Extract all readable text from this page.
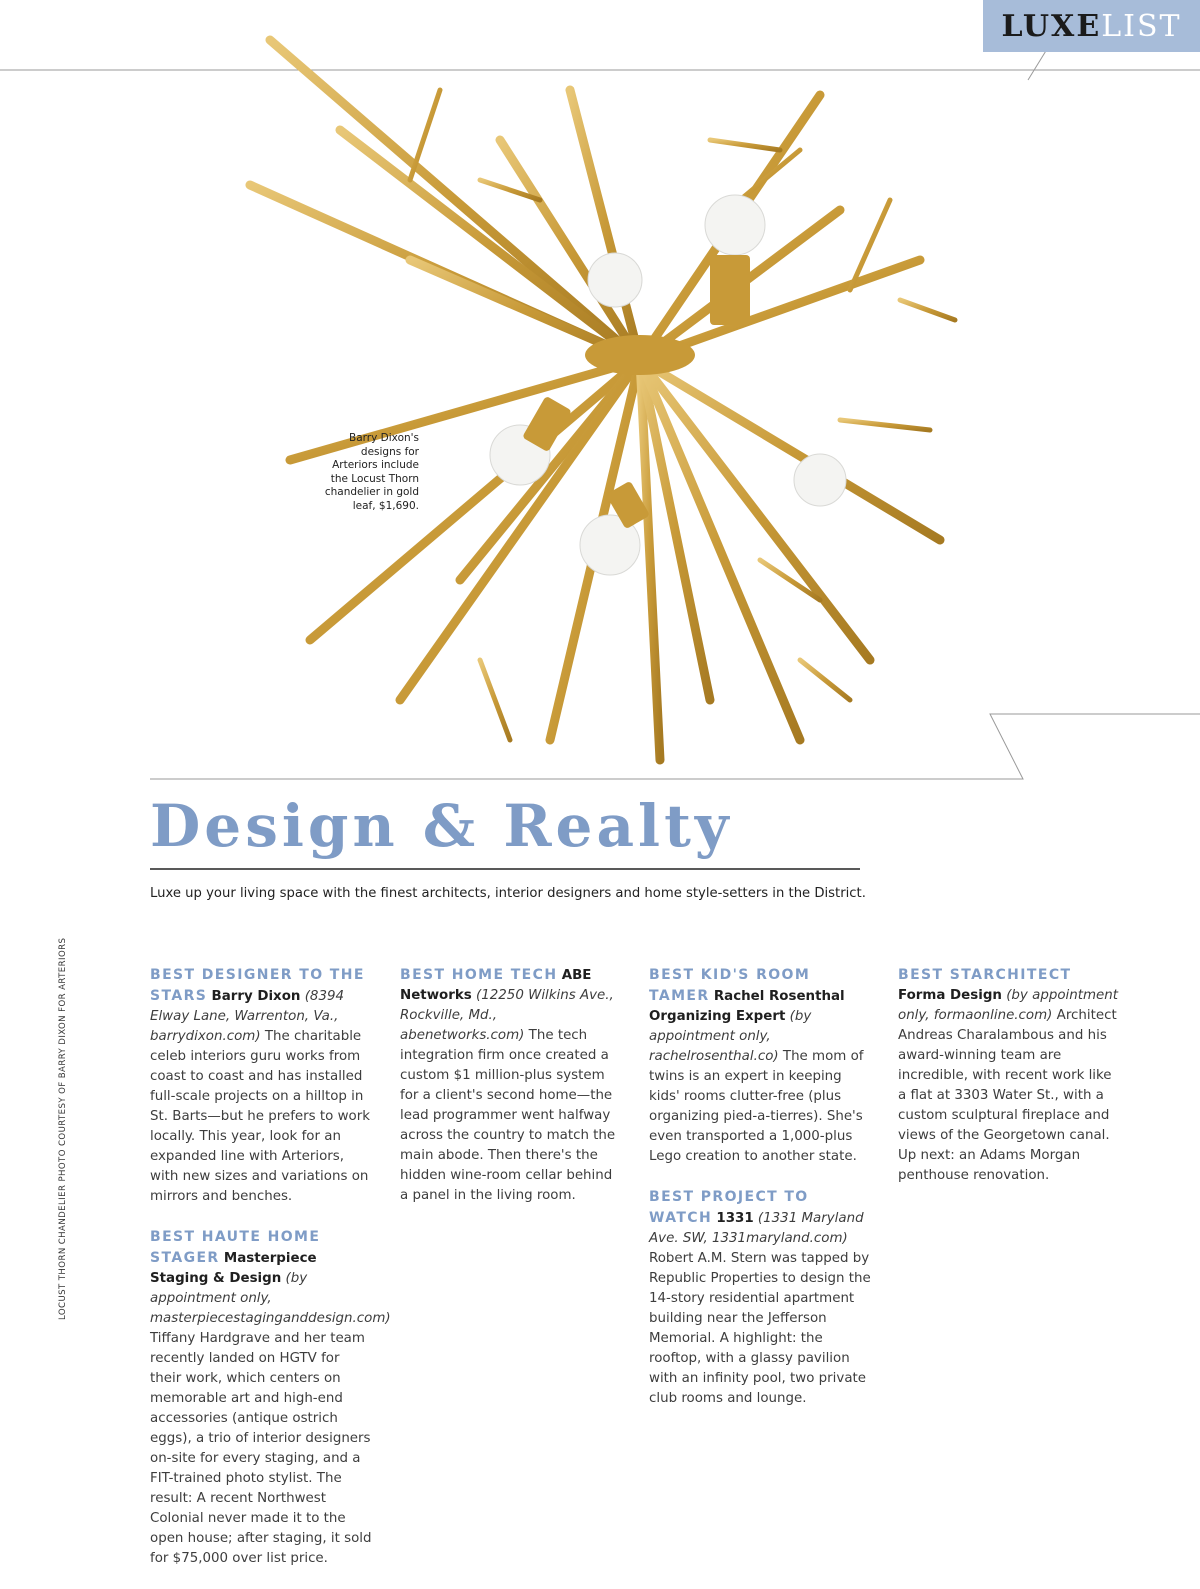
LUXE LIST
LOCUST THORN CHANDELIER PHOTO COURTESY OF BARRY DIXON FOR ARTERIORS
Barry Dixon's designs for Arteriors include the Locust Thorn chandelier in gold leaf, $1,690.
Design & Realty

Luxe up your living space with the finest architects, interior designers and home style-setters in the District.

BEST DESIGNER TO THE STARS Barry Dixon (8394 Elway Lane, Warrenton, Va., barrydixon.com) The charitable celeb interiors guru works from coast to coast and has installed full-scale projects on a hilltop in St. Barts—but he prefers to work locally. This year, look for an expanded line with Arteriors, with new sizes and variations on mirrors and benches.

BEST HAUTE HOME STAGER Masterpiece Staging & Design (by appointment only, masterpiecestaginganddesign.com) Tiffany Hardgrave and her team recently landed on HGTV for their work, which centers on memorable art and high-end accessories (antique ostrich eggs), a trio of interior designers on-site for every staging, and a FIT-trained photo stylist. The result: A recent Northwest Colonial never made it to the open house; after staging, it sold for $75,000 over list price.

BEST HOME TECH ABE Networks (12250 Wilkins Ave., Rockville, Md., abenetworks.com) The tech integration firm once created a custom $1 million-plus system for a client's second home—the lead programmer went halfway across the country to match the main abode. Then there's the hidden wine-room cellar behind a panel in the living room.

BEST KID'S ROOM TAMER Rachel Rosenthal Organizing Expert (by appointment only, rachelrosenthal.co) The mom of twins is an expert in keeping kids' rooms clutter-free (plus organizing pied-a-tierres). She's even transported a 1,000-plus Lego creation to another state.

BEST PROJECT TO WATCH 1331 (1331 Maryland Ave. SW, 1331maryland.com) Robert A.M. Stern was tapped by Republic Properties to design the 14-story residential apartment building near the Jefferson Memorial. A highlight: the rooftop, with a glassy pavilion with an infinity pool, two private club rooms and lounge.

BEST STARCHITECT Forma Design (by appointment only, formaonline.com) Architect Andreas Charalambous and his award-winning team are incredible, with recent work like a flat at 3303 Water St., with a custom sculptural fireplace and views of the Georgetown canal. Up next: an Adams Morgan penthouse renovation.
